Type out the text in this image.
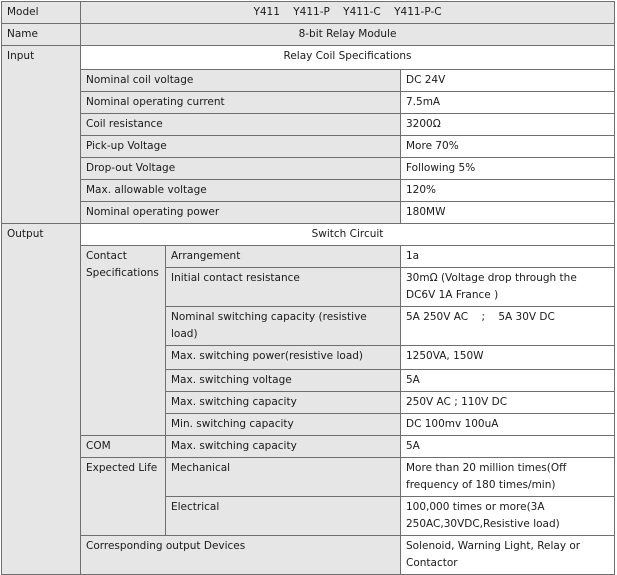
Model	Y411    Y411-P    Y411-C    Y411-P-C		
Name	8-bit Relay Module		
Input	Relay Coil Specifications		
	Nominal coil voltage		DC 24V
	Nominal operating current		7.5mA
	Coil resistance		3200Ω
	Pick-up Voltage		More 70%
	Drop-out Voltage		Following 5%
	Max. allowable voltage		120%
	Nominal operating power		180MW
Output	Switch Circuit		
	Contact Specifications	Arrangement	1a
		Initial contact resistance	30mΩ (Voltage drop through the DC6V 1A France )
		Nominal switching capacity (resistive load)	5A 250V AC    ;    5A 30V DC
		Max. switching power(resistive load)	1250VA, 150W
		Max. switching voltage	5A
		Max. switching capacity	250V AC ; 110V DC
		Min. switching capacity	DC 100mv 100uA
	COM	Max. switching capacity	5A
	Expected Life	Mechanical	More than 20 million times(Off frequency of 180 times/min)
		Electrical	100,000 times or more(3A 250AC,30VDC,Resistive load)
	Corresponding output Devices		Solenoid, Warning Light, Relay or Contactor
